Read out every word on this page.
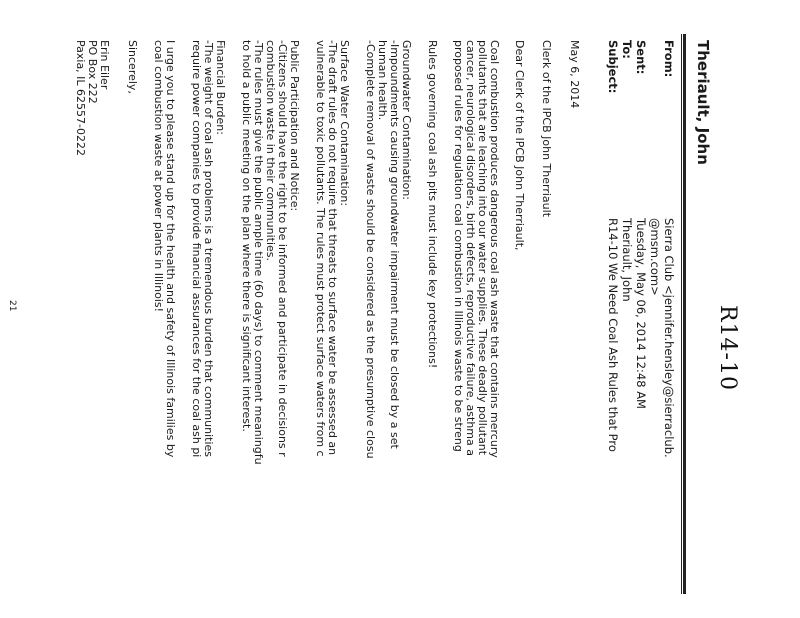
R14-10
Theriault, John
From:
Sierra Club <jennifer.hensley@sierraclub.
@msm.com>
Sent:
Tuesday, May 06, 2014 12:48 AM
To:
Theriault, John
Subject:
R14-10 We Need Coal Ash Rules that Pro
May 6, 2014
Clerk of the IPCB John Therriault
Dear Clerk of the IPCB John Therriault,
Coal combustion produces dangerous coal ash waste that contains mercury
pollutants that are leaching into our water supplies. These deadly pollutant
cancer, neurological disorders, birth defects, reproductive failure, asthma a
proposed rules for regulation coal combustion in Illinois waste to be streng
Rules governing coal ash pits must include key protections!
Groundwater Contamination:
-Impoundments causing groundwater impairment must be closed by a set
human health.
-Complete removal of waste should be considered as the presumptive closu
Surface Water Contamination:
-The draft rules do not require that threats to surface water be assessed an
vulnerable to toxic pollutants. The rules must protect surface waters from c
Public Participation and Notice:
-Citizens should have the right to be informed and participate in decisions r
combustion waste in their communities.
-The rules must give the public ample time (60 days) to comment meaningfu
to hold a public meeting on the plan where there is significant interest.
Financial Burden:
-The weight of coal ash problems is a tremendous burden that communities
require power companies to provide financial assurances for the coal ash pi
I urge you to please stand up for the health and safety of Illinois families by
coal combustion waste at power plants in Illinois!
Sincerely,
Erin Eiler
PO Box 222
Paxia, IL 62557-0222
21
